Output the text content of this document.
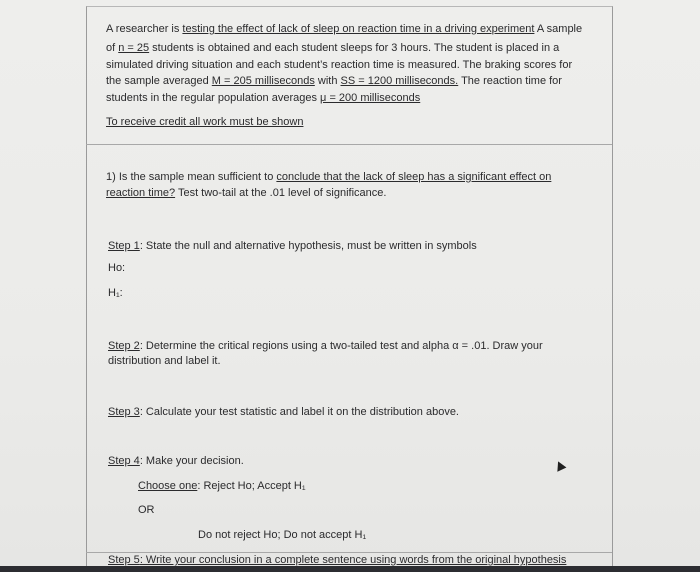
A researcher is testing the effect of lack of sleep on reaction time in a driving experiment A sample
of n = 25 students is obtained and each student sleeps for 3 hours. The student is placed in a
simulated driving situation and each student’s reaction time is measured. The braking scores for
the sample averaged M = 205 milliseconds with SS = 1200 milliseconds. The reaction time for
students in the regular population averages μ = 200 milliseconds
To receive credit all work must be shown
1) Is the sample mean sufficient to conclude that the lack of sleep has a significant effect on
reaction time? Test two-tail at the .01 level of significance.
Step 1: State the null and alternative hypothesis, must be written in symbols
Ho:
H₁:
Step 2: Determine the critical regions using a two-tailed test and alpha α = .01. Draw your
distribution and label it.
Step 3: Calculate your test statistic and label it on the distribution above.
Step 4: Make your decision.
Choose one: Reject Ho; Accept H₁
OR
Do not reject Ho; Do not accept H₁
Step 5: Write your conclusion in a complete sentence using words from the original hypothesis
